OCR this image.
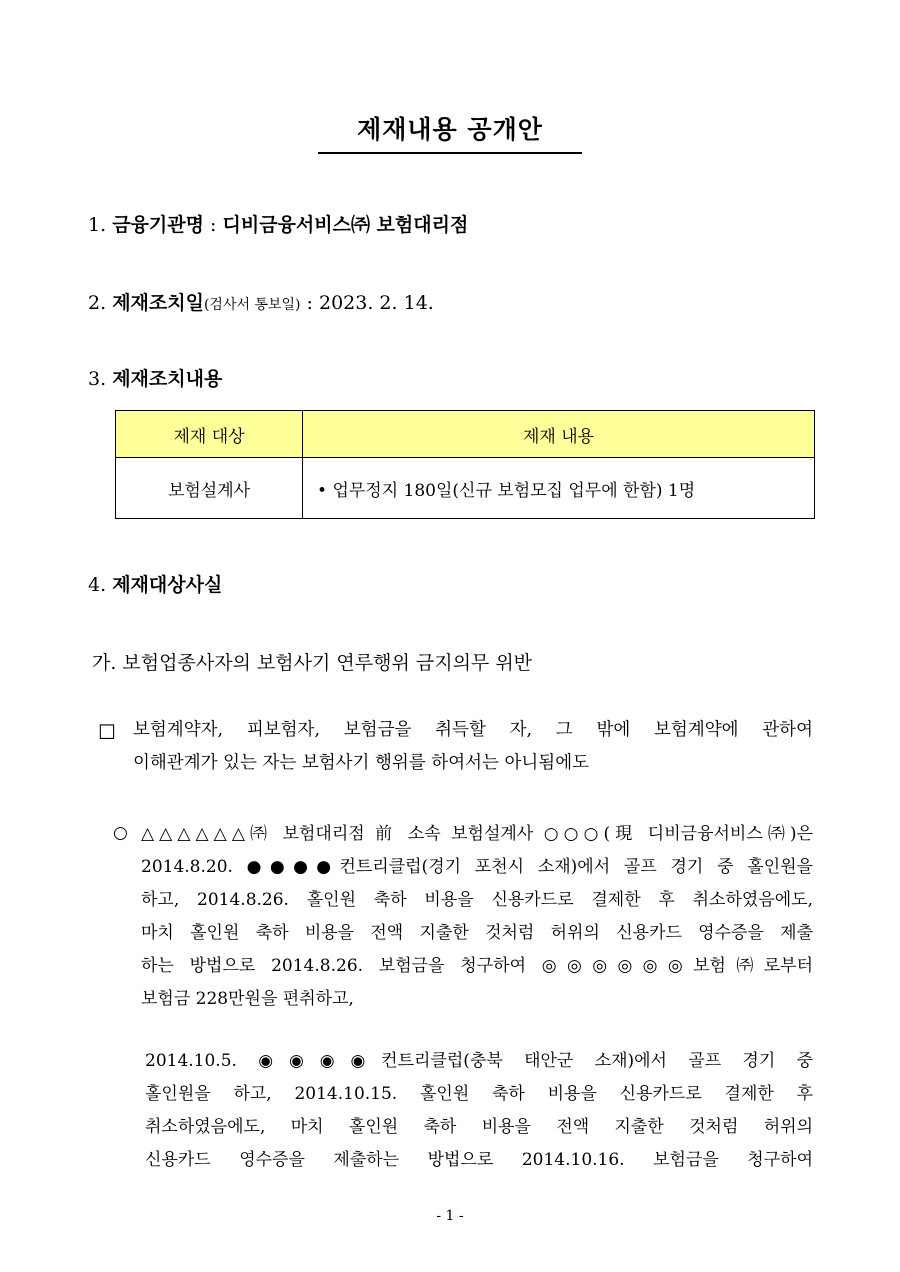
제재내용 공개안
1. 금융기관명 : 디비금융서비스㈜ 보험대리점
2. 제재조치일(검사서 통보일) : 2023. 2. 14.
3. 제재조치내용
제재 대상	제재 내용
보험설계사	• 업무정지 180일(신규 보험모집 업무에 한함) 1명
4. 제재대상사실
가. 보험업종사자의 보험사기 연루행위 금지의무 위반
☐ 보험계약자, 피보험자, 보험금을 취득할 자, 그 밖에 보험계약에 관하여
이해관계가 있는 자는 보험사기 행위를 하여서는 아니됨에도
○ △△△△△△㈜ 보험대리점 前 소속 보험설계사 ○○○(現 디비금융서비스㈜)은
2014.8.20. ●●●●컨트리클럽(경기 포천시 소재)에서 골프 경기 중 홀인원을
하고, 2014.8.26. 홀인원 축하 비용을 신용카드로 결제한 후 취소하였음에도,
마치 홀인원 축하 비용을 전액 지출한 것처럼 허위의 신용카드 영수증을 제출
하는 방법으로 2014.8.26. 보험금을 청구하여 ◎◎◎◎◎◎보험㈜로부터
보험금 228만원을 편취하고,
2014.10.5. ◉◉◉◉컨트리클럽(충북 태안군 소재)에서 골프 경기 중
홀인원을 하고, 2014.10.15. 홀인원 축하 비용을 신용카드로 결제한 후
취소하였음에도, 마치 홀인원 축하 비용을 전액 지출한 것처럼 허위의
신용카드 영수증을 제출하는 방법으로 2014.10.16. 보험금을 청구하여
- 1 -
